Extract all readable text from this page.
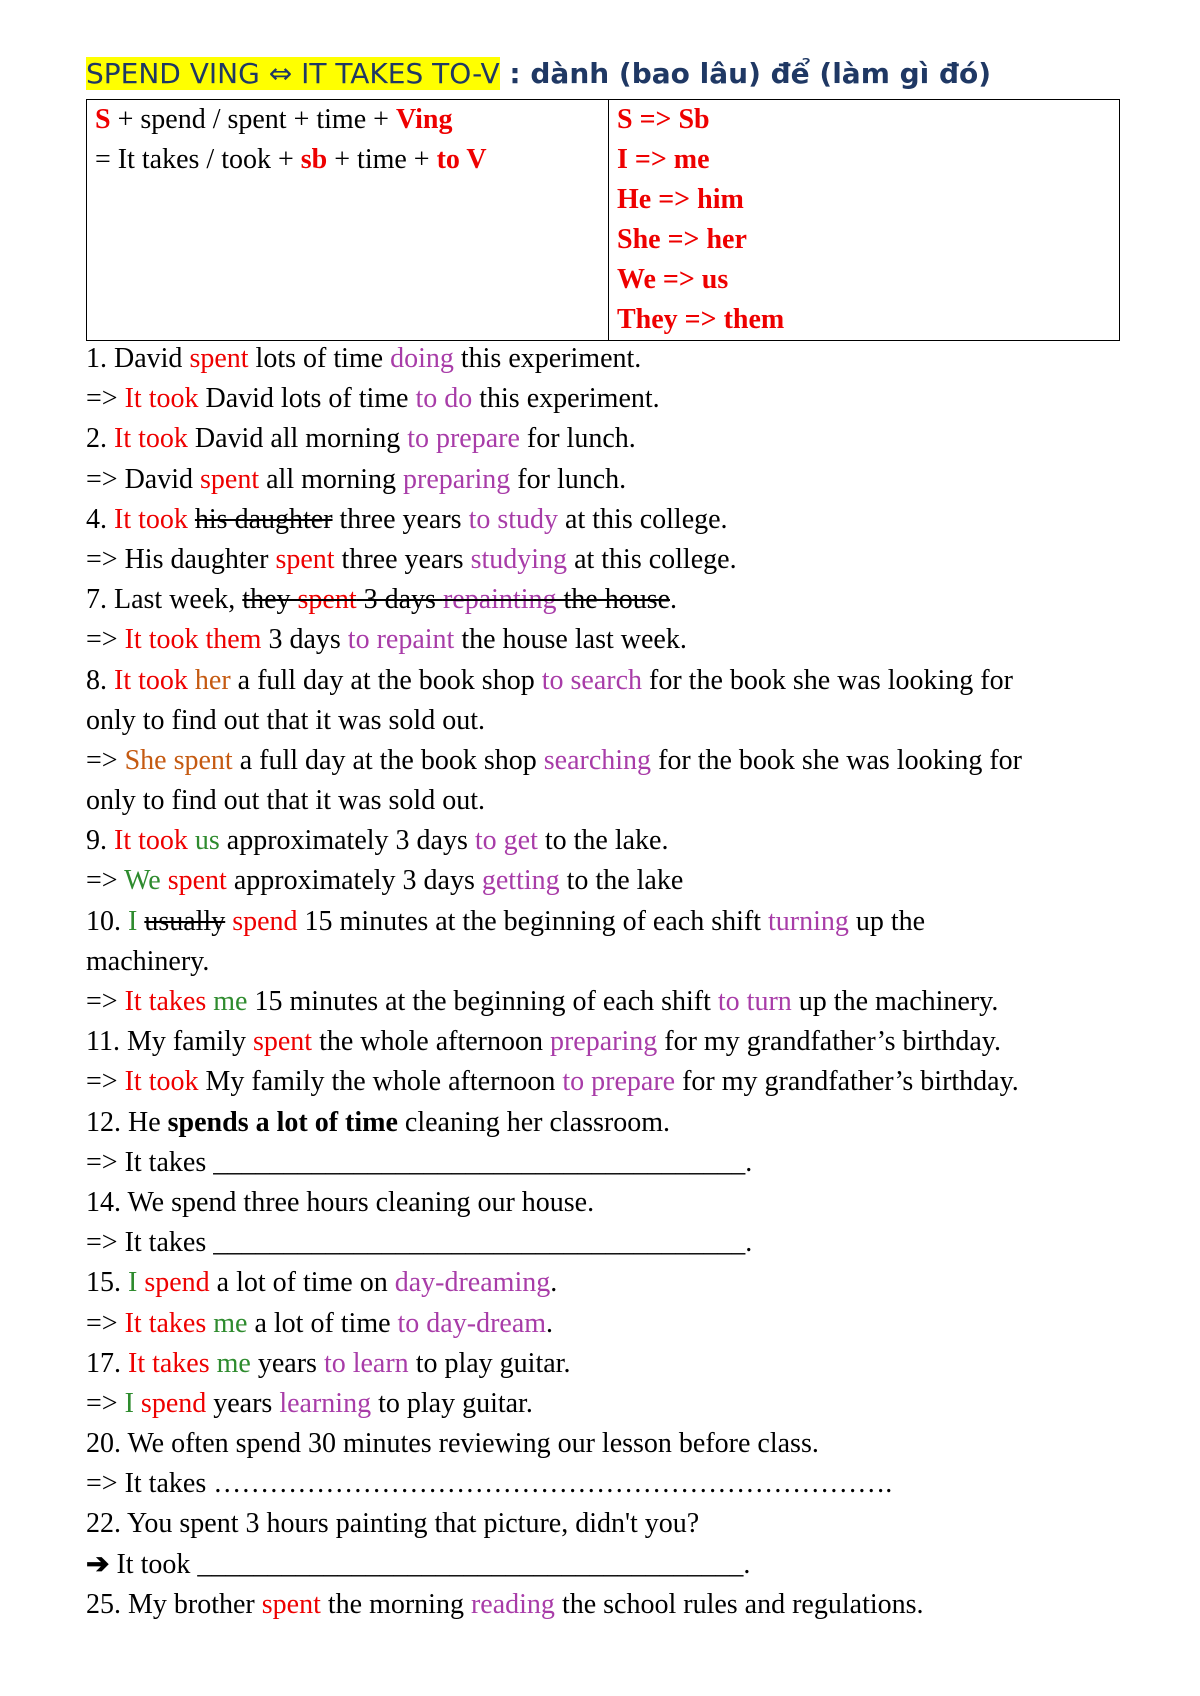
SPEND VING ⇔ IT TAKES TO-V : dành (bao lâu) để (làm gì đó)
S + spend / spent + time + Ving
= It takes / took + sb + time + to V

S => Sb
I => me
He => him
She => her
We => us
They => them
1. David spent lots of time doing this experiment.
=> It took David lots of time to do this experiment.
2. It took David all morning to prepare for lunch.
=> David spent all morning preparing for lunch.
4. It took his daughter three years to study at this college.
=> His daughter spent three years studying at this college.
7. Last week, they spent 3 days repainting the house.
=> It took them 3 days to repaint the house last week.
8. It took her a full day at the book shop to search for the book she was looking for
only to find out that it was sold out.
=> She spent a full day at the book shop searching for the book she was looking for
only to find out that it was sold out.
9. It took us approximately 3 days to get to the lake.
=> We spent approximately 3 days getting to the lake
10. I usually spend 15 minutes at the beginning of each shift turning up the
machinery.
=> It takes me 15 minutes at the beginning of each shift to turn up the machinery.
11. My family spent the whole afternoon preparing for my grandfather’s birthday.
=> It took My family the whole afternoon to prepare for my grandfather’s birthday.
12. He spends a lot of time cleaning her classroom.
=> It takes ______________________________________.
14. We spend three hours cleaning our house.
=> It takes ______________________________________.
15. I spend a lot of time on day-dreaming.
=> It takes me a lot of time to day-dream.
17. It takes me years to learn to play guitar.
=> I spend years learning to play guitar.
20. We often spend 30 minutes reviewing our lesson before class.
=> It takes ……………………………………………………………….
22. You spent 3 hours painting that picture, didn't you?
➔ It took _______________________________________.
25. My brother spent the morning reading the school rules and regulations.
